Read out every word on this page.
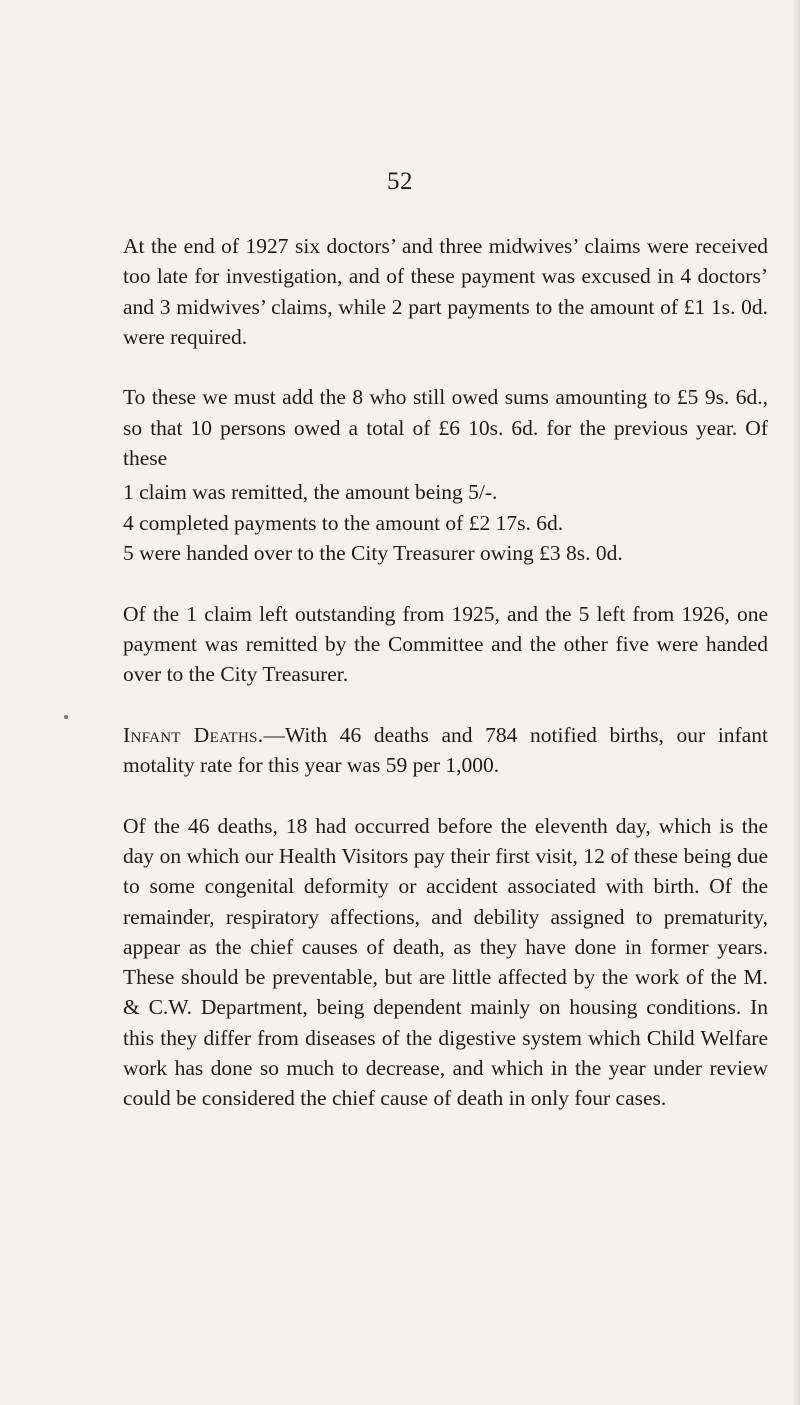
52

At the end of 1927 six doctors’ and three midwives’ claims were received too late for investigation, and of these payment was excused in 4 doctors’ and 3 midwives’ claims, while 2 part payments to the amount of £1 1s. 0d. were required.

To these we must add the 8 who still owed sums amounting to £5 9s. 6d., so that 10 persons owed a total of £6 10s. 6d. for the previous year. Of these

1 claim was remitted, the amount being 5/-.

4 completed payments to the amount of £2 17s. 6d.

5 were handed over to the City Treasurer owing £3 8s. 0d.

Of the 1 claim left outstanding from 1925, and the 5 left from 1926, one payment was remitted by the Committee and the other five were handed over to the City Treasurer.

Infant Deaths.—With 46 deaths and 784 notified births, our infant motality rate for this year was 59 per 1,000.

Of the 46 deaths, 18 had occurred before the eleventh day, which is the day on which our Health Visitors pay their first visit, 12 of these being due to some congenital deformity or accident associated with birth. Of the remainder, respiratory affections, and debility assigned to prematurity, appear as the chief causes of death, as they have done in former years. These should be preventable, but are little affected by the work of the M. & C.W. Department, being dependent mainly on housing conditions. In this they differ from diseases of the digestive system which Child Welfare work has done so much to decrease, and which in the year under review could be considered the chief cause of death in only four cases.
